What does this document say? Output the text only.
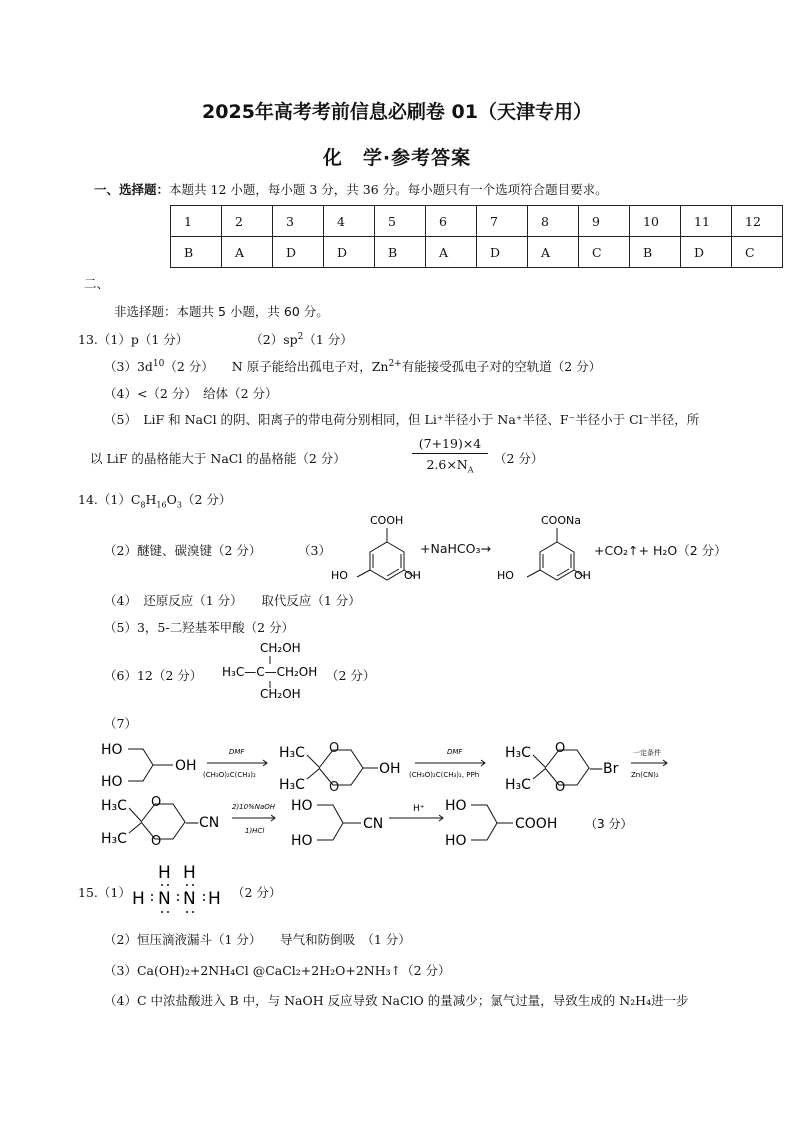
2025年高考考前信息必刷卷 01（天津专用）
化　学·参考答案
一、选择题：本题共 12 小题，每小题 3 分，共 36 分。每小题只有一个选项符合题目要求。
1	2	3	4	5	6	7	8	9	10	11	12
B	A	D	D	B	A	D	A	C	B	D	C
二、
非选择题：本题共 5 小题，共 60 分。
13.（1）p（1 分）	$(2)sp^2(1$ 分）
$(3)3d^{10}(2$ 分） N 原子能给出孤电子对，$Zn^{2+}$有能接受孤电子对的空轨道（2 分）
（4）<（2 分）　给体（2 分）
（5）　LiF 和 NaCl 的阴、阳离子的带电荷分别相同，但 Li⁺半径小于 Na⁺半径、F⁻半径小于 Cl⁻半径，所
以 LiF 的晶格能大于 NaCl 的晶格能（2 分）	$\frac{(7+19)\times 4}{2.6\times N_A} (2$ 分）
$14.(1)C_8H_{16}O_3(2$ 分）
（2）醚键、碳溴键（2 分）	（3）
COOH
HO	OH
+NaHCO₃→
COONa
HO	OH
+CO₂↑+ H₂O（2 分）
（4）　还原反应（1 分）　　取代反应（1 分）
（5）3，5-二羟基苯甲酸（2 分）
（6）12（2 分）
CH₂OH
H₃C—C—CH₂OH
CH₂OH
（2 分）
（7）
HO
HO
OH
DMF
(CH₃O)₂C(CH₃)₂
H₃C
H₃C
O
O
OH
DMF
(CH₃O)₂C(CH₃)₂, PPh
H₃C
H₃C
O
O
—Br
一定条件
Zn(CN)₂
H₃C
H₃C
O
O
—CN
2)10%NaOH
1)HCl
HO
HO
CN
H⁺ HO
HO
COOH （3 分）
15.（1）
H H
H N N H （2 分）
（2）恒压滴液漏斗（1 分）　　导气和防倒吸　（1 分）
（3）Ca(OH)₂+2NH₄Cl @CaCl₂+2H₂O+2NH₃↑（2 分）
（4）C 中浓盐酸进入 B 中，与 NaOH 反应导致 NaClO 的量减少；氯气过量，导致生成的 N₂H₄进一步
